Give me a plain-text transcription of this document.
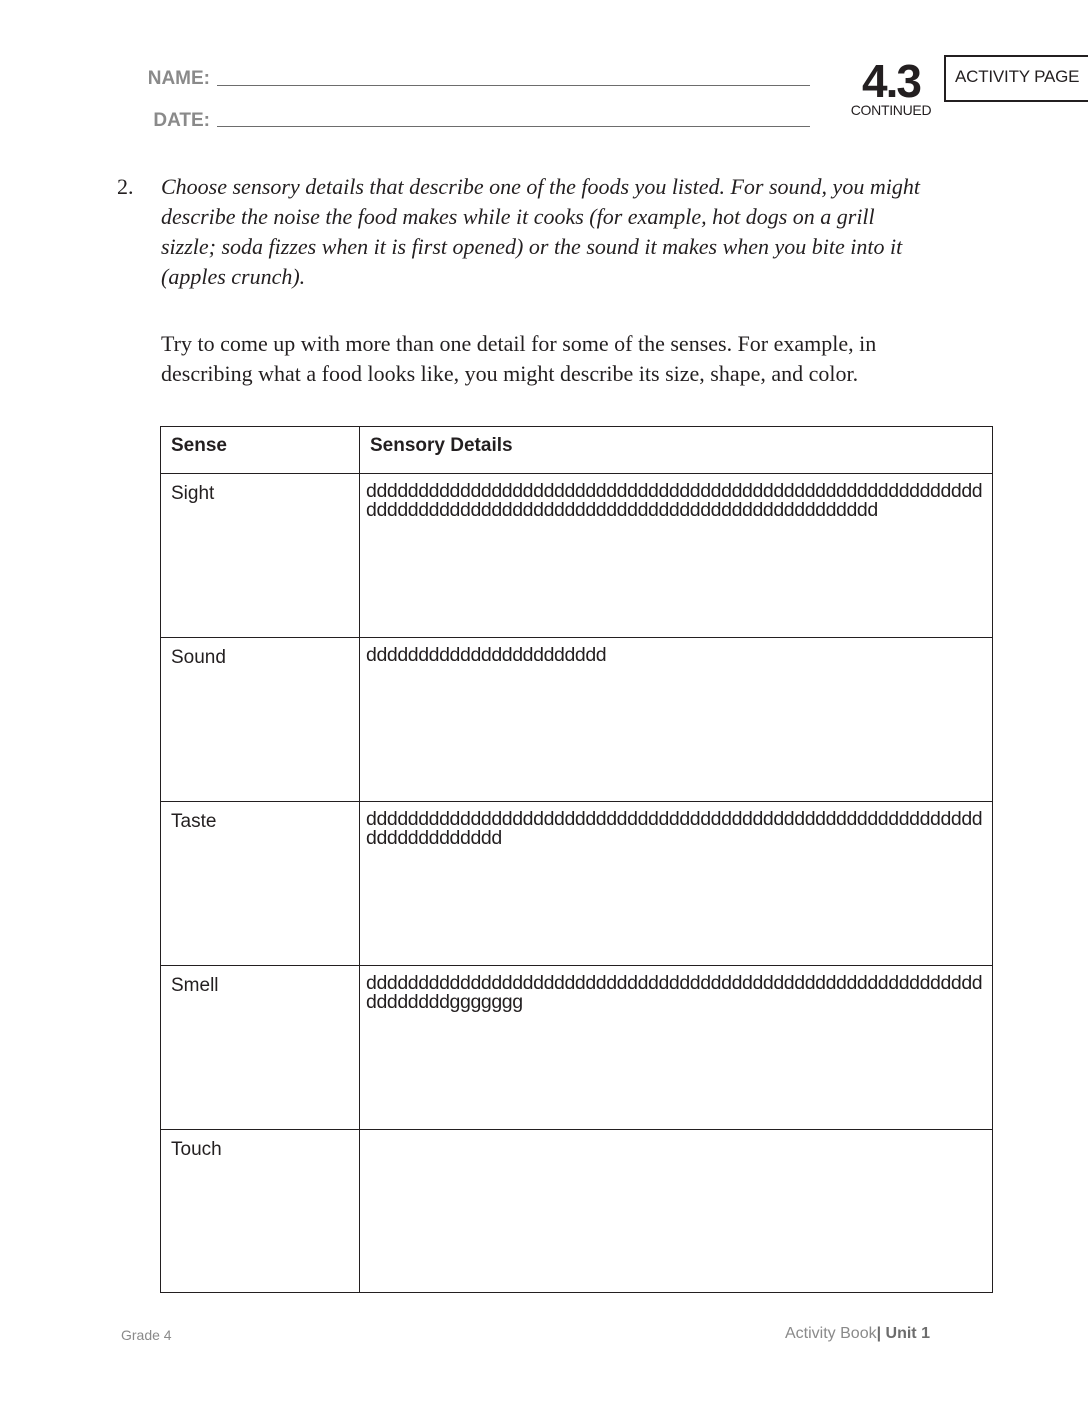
NAME:
DATE:
4.3
CONTINUED
ACTIVITY PAGE
2. Choose sensory details that describe one of the foods you listed. For sound, you might
describe the noise the food makes while it cooks (for example, hot dogs on a grill
sizzle; soda fizzes when it is first opened) or the sound it makes when you bite into it
(apples crunch).
Try to come up with more than one detail for some of the senses. For example, in
describing what a food looks like, you might describe its size, shape, and color.
Sense	Sensory Details

Sight	dddddddddddddddddddddddddddddddddddddddddddddddddddddddddddddddddddddddddddddddddddddddddddddddddddddddddddd

Sound	ddddddddddddddddddddddd

Taste	dddddddddddddddddddddddddddddddddddddddddddddddddddddddddddddddddddddddd

Smell	dddddddddddddddddddddddddddddddddddddddddddddddddddddddddddddddddddggggggg

Touch	

Grade 4	Activity Book| Unit 1
